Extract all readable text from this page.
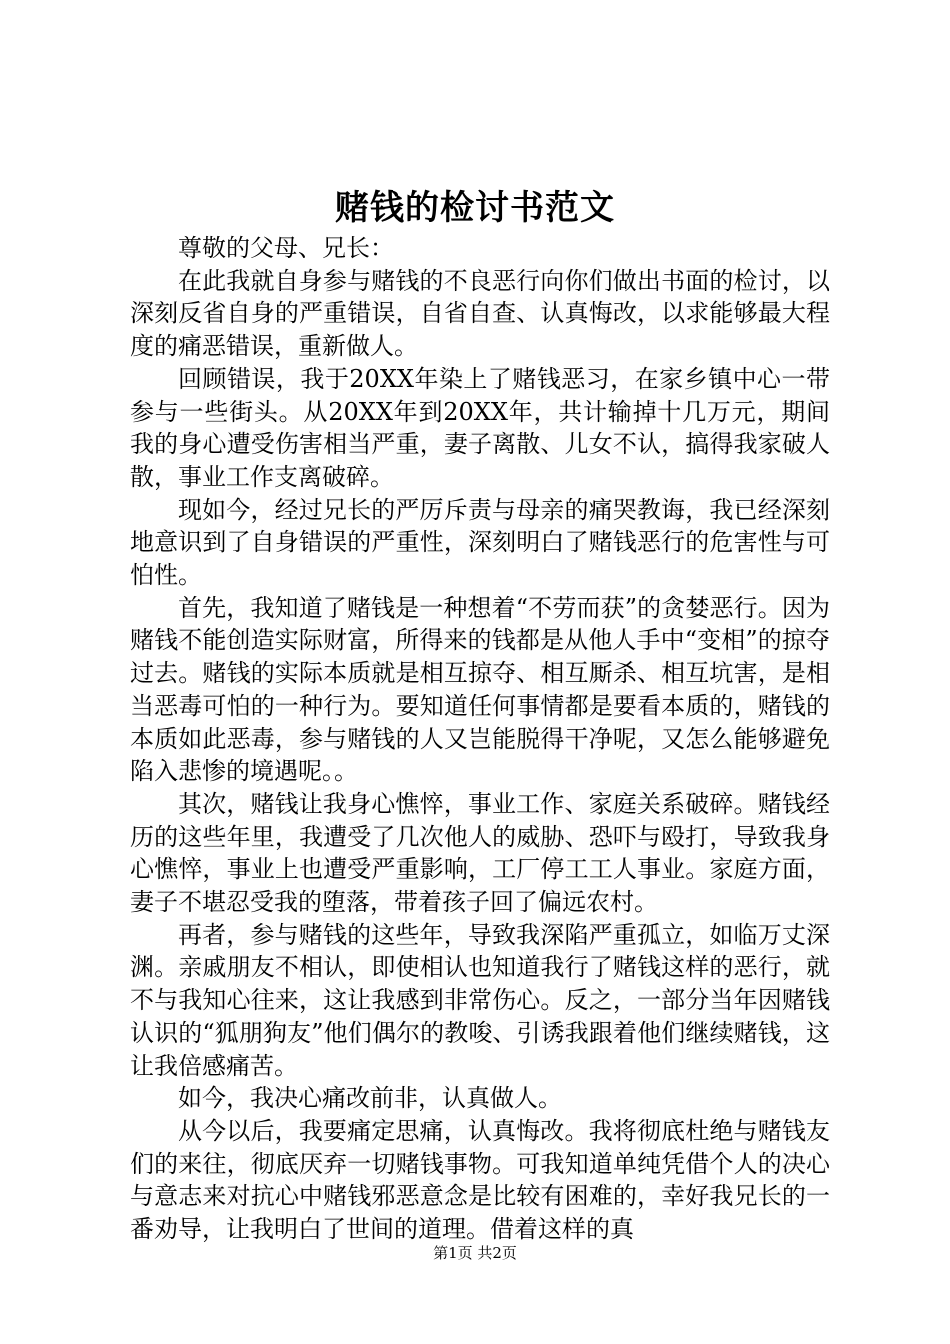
赌钱的检讨书范文

尊敬的父母、兄长：

在此我就自身参与赌钱的不良恶行向你们做出书面的检讨，以深刻反省自身的严重错误，自省自查、认真悔改，以求能够最大程度的痛恶错误，重新做人。

回顾错误，我于20XX年染上了赌钱恶习，在家乡镇中心一带参与一些街头。从20XX年到20XX年，共计输掉十几万元，期间我的身心遭受伤害相当严重，妻子离散、儿女不认，搞得我家破人散，事业工作支离破碎。

现如今，经过兄长的严厉斥责与母亲的痛哭教诲，我已经深刻地意识到了自身错误的严重性，深刻明白了赌钱恶行的危害性与可怕性。

首先，我知道了赌钱是一种想着“不劳而获”的贪婪恶行。因为赌钱不能创造实际财富，所得来的钱都是从他人手中“变相”的掠夺过去。赌钱的实际本质就是相互掠夺、相互厮杀、相互坑害，是相当恶毒可怕的一种行为。要知道任何事情都是要看本质的，赌钱的本质如此恶毒，参与赌钱的人又岂能脱得干净呢，又怎么能够避免陷入悲惨的境遇呢。。

其次，赌钱让我身心憔悴，事业工作、家庭关系破碎。赌钱经历的这些年里，我遭受了几次他人的威胁、恐吓与殴打，导致我身心憔悴，事业上也遭受严重影响，工厂停工工人事业。家庭方面，妻子不堪忍受我的堕落，带着孩子回了偏远农村。

再者，参与赌钱的这些年，导致我深陷严重孤立，如临万丈深渊。亲戚朋友不相认，即使相认也知道我行了赌钱这样的恶行，就不与我知心往来，这让我感到非常伤心。反之，一部分当年因赌钱认识的“狐朋狗友”他们偶尔的教唆、引诱我跟着他们继续赌钱，这让我倍感痛苦。

如今，我决心痛改前非，认真做人。

从今以后，我要痛定思痛，认真悔改。我将彻底杜绝与赌钱友们的来往，彻底厌弃一切赌钱事物。可我知道单纯凭借个人的决心与意志来对抗心中赌钱邪恶意念是比较有困难的，幸好我兄长的一番劝导，让我明白了世间的道理。借着这样的真

第1页 共2页
